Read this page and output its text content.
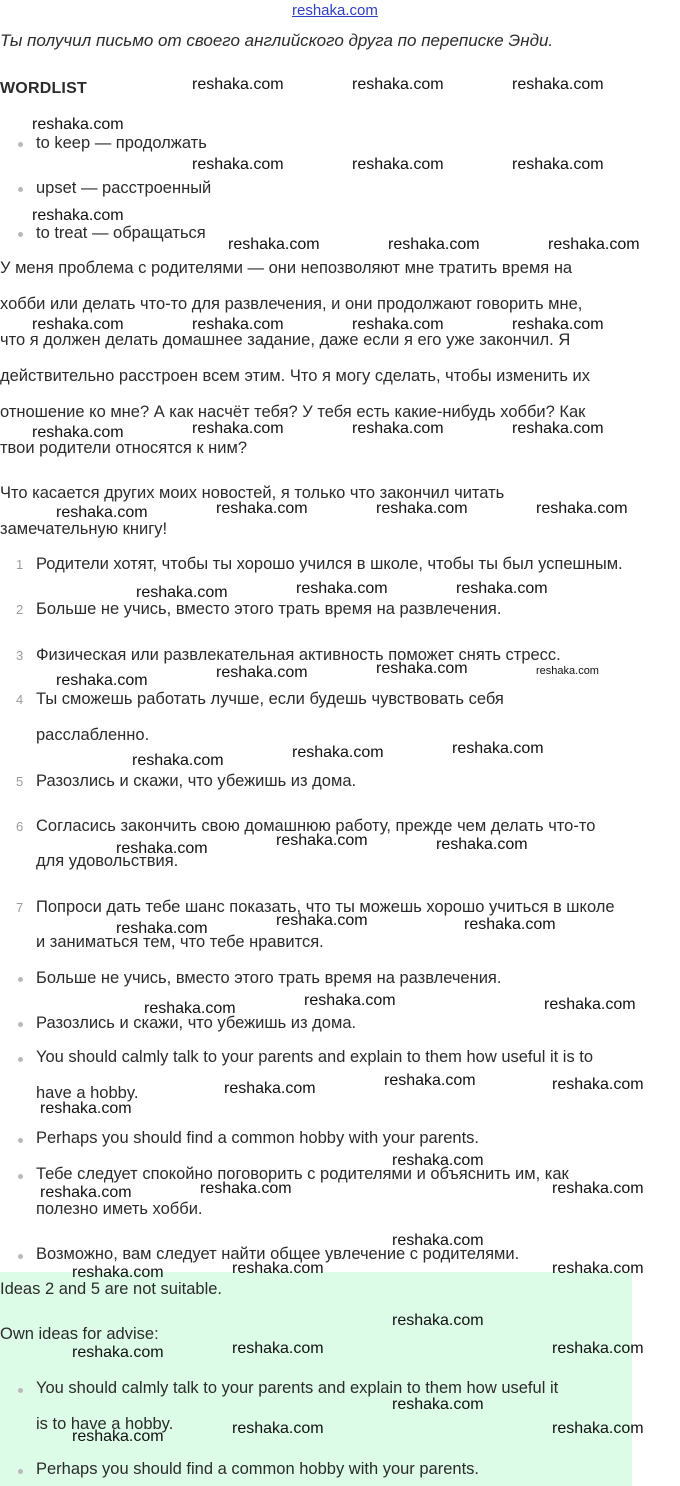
reshaka.com
Ты получил письмо от своего английского друга по переписке Энди.
WORDLIST
to keep — продолжать
upset — расстроенный
to treat — обращаться
У меня проблема с родителями — они непозволяют мне тратить время на
хобби или делать что-то для развлечения, и они продолжают говорить мне,
что я должен делать домашнее задание, даже если я его уже закончил. Я
действительно расстроен всем этим. Что я могу сделать, чтобы изменить их
отношение ко мне? А как насчёт тебя? У тебя есть какие-нибудь хобби? Как
твои родители относятся к ним?
Что касается других моих новостей, я только что закончил читать
замечательную книгу!
1 Родители хотят, чтобы ты хорошо учился в школе, чтобы ты был успешным.
2 Больше не учись, вместо этого трать время на развлечения.
3 Физическая или развлекательная активность поможет снять стресс.
4 Ты сможешь работать лучше, если будешь чувствовать себя
расслабленно.
5 Разозлись и скажи, что убежишь из дома.
6 Согласись закончить свою домашнюю работу, прежде чем делать что-то
для удовольствия.
7 Попроси дать тебе шанс показать, что ты можешь хорошо учиться в школе
и заниматься тем, что тебе нравится.
Больше не учись, вместо этого трать время на развлечения.
Разозлись и скажи, что убежишь из дома.
You should calmly talk to your parents and explain to them how useful it is to
have a hobby.
Perhaps you should find a common hobby with your parents.
Тебе следует спокойно поговорить с родителями и объяснить им, как
полезно иметь хобби.
Возможно, вам следует найти общее увлечение с родителями.
Ideas 2 and 5 are not suitable.
Own ideas for advise:
You should calmly talk to your parents and explain to them how useful it
is to have a hobby.
Perhaps you should find a common hobby with your parents.
reshaka.com	reshaka.com	reshaka.com
reshaka.com
reshaka.com	reshaka.com	reshaka.com
reshaka.com
reshaka.com	reshaka.com	reshaka.com
reshaka.com	reshaka.com	reshaka.com	reshaka.com
reshaka.com	reshaka.com	reshaka.com	reshaka.com
reshaka.com	reshaka.com	reshaka.com	reshaka.com
reshaka.com	reshaka.com	reshaka.com
reshaka.com	reshaka.com	reshaka.com	reshaka.com
reshaka.com	reshaka.com	reshaka.com
reshaka.com	reshaka.com	reshaka.com
reshaka.com	reshaka.com	reshaka.com
reshaka.com	reshaka.com	reshaka.com
reshaka.com	reshaka.com	reshaka.com
reshaka.com
reshaka.com
reshaka.com	reshaka.com	reshaka.com
reshaka.com
reshaka.com	reshaka.com	reshaka.com
reshaka.com
reshaka.com	reshaka.com	reshaka.com
reshaka.com
reshaka.com	reshaka.com	reshaka.com
